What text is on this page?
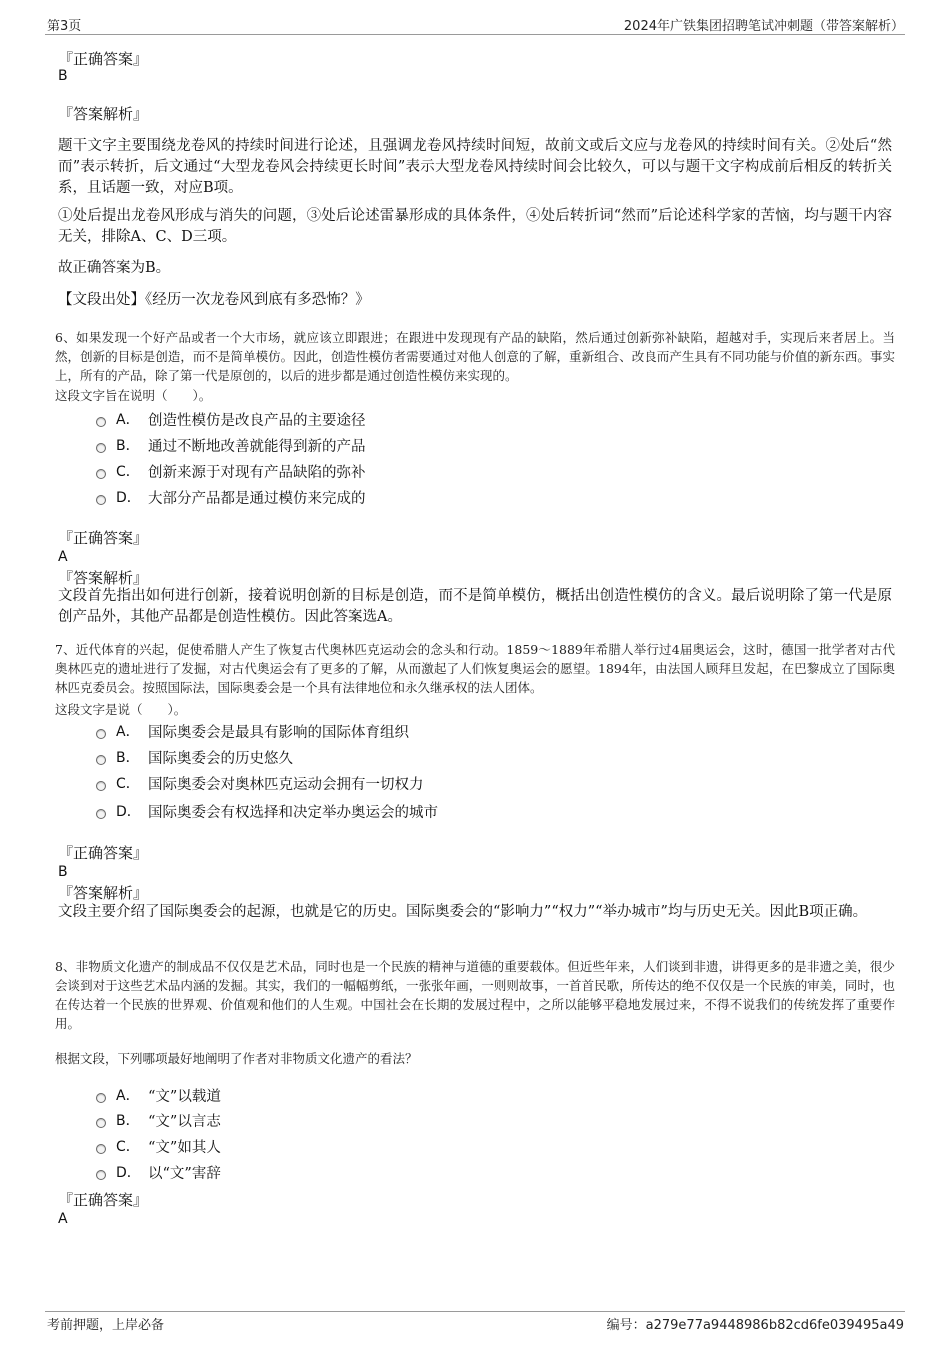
第3页	2024年广铁集团招聘笔试冲刺题（带答案解析）
『正确答案』
B
『答案解析』
题干文字主要围绕龙卷风的持续时间进行论述，且强调龙卷风持续时间短，故前文或后文应与龙卷风的持续时间有关。②处后“然而”表示转折，后文通过“大型龙卷风会持续更长时间”表示大型龙卷风持续时间会比较久，可以与题干文字构成前后相反的转折关系，且话题一致，对应B项。
①处后提出龙卷风形成与消失的问题，③处后论述雷暴形成的具体条件，④处后转折词“然而”后论述科学家的苦恼，均与题干内容无关，排除A、C、D三项。
故正确答案为B。
【文段出处】《经历一次龙卷风到底有多恐怖？》
6、如果发现一个好产品或者一个大市场，就应该立即跟进；在跟进中发现现有产品的缺陷，然后通过创新弥补缺陷，超越对手，实现后来者居上。当然，创新的目标是创造，而不是简单模仿。因此，创造性模仿者需要通过对他人创意的了解，重新组合、改良而产生具有不同功能与价值的新东西。事实上，所有的产品，除了第一代是原创的，以后的进步都是通过创造性模仿来实现的。
这段文字旨在说明（　　）。
A． 创造性模仿是改良产品的主要途径
B． 通过不断地改善就能得到新的产品
C． 创新来源于对现有产品缺陷的弥补
D． 大部分产品都是通过模仿来完成的
『正确答案』
A
『答案解析』
文段首先指出如何进行创新，接着说明创新的目标是创造，而不是简单模仿，概括出创造性模仿的含义。最后说明除了第一代是原创产品外，其他产品都是创造性模仿。因此答案选A。
7、近代体育的兴起，促使希腊人产生了恢复古代奥林匹克运动会的念头和行动。1859～1889年希腊人举行过4届奥运会，这时，德国一批学者对古代奥林匹克的遗址进行了发掘，对古代奥运会有了更多的了解，从而激起了人们恢复奥运会的愿望。1894年，由法国人顾拜旦发起，在巴黎成立了国际奥林匹克委员会。按照国际法，国际奥委会是一个具有法律地位和永久继承权的法人团体。
这段文字是说（　　）。
A． 国际奥委会是最具有影响的国际体育组织
B． 国际奥委会的历史悠久
C． 国际奥委会对奥林匹克运动会拥有一切权力
D． 国际奥委会有权选择和决定举办奥运会的城市
『正确答案』
B
『答案解析』
文段主要介绍了国际奥委会的起源，也就是它的历史。国际奥委会的“影响力”“权力”“举办城市”均与历史无关。因此B项正确。
8、非物质文化遗产的制成品不仅仅是艺术品，同时也是一个民族的精神与道德的重要载体。但近些年来，人们谈到非遗，讲得更多的是非遗之美，很少会谈到对于这些艺术品内涵的发掘。其实，我们的一幅幅剪纸，一张张年画，一则则故事，一首首民歌，所传达的绝不仅仅是一个民族的审美，同时，也在传达着一个民族的世界观、价值观和他们的人生观。中国社会在长期的发展过程中，之所以能够平稳地发展过来，不得不说我们的传统发挥了重要作用。
根据文段，下列哪项最好地阐明了作者对非物质文化遗产的看法？
A． “文”以载道
B． “文”以言志
C． “文”如其人
D． 以“文”害辞
『正确答案』
A
考前押题，上岸必备	编号：a279e77a9448986b82cd6fe039495a49
